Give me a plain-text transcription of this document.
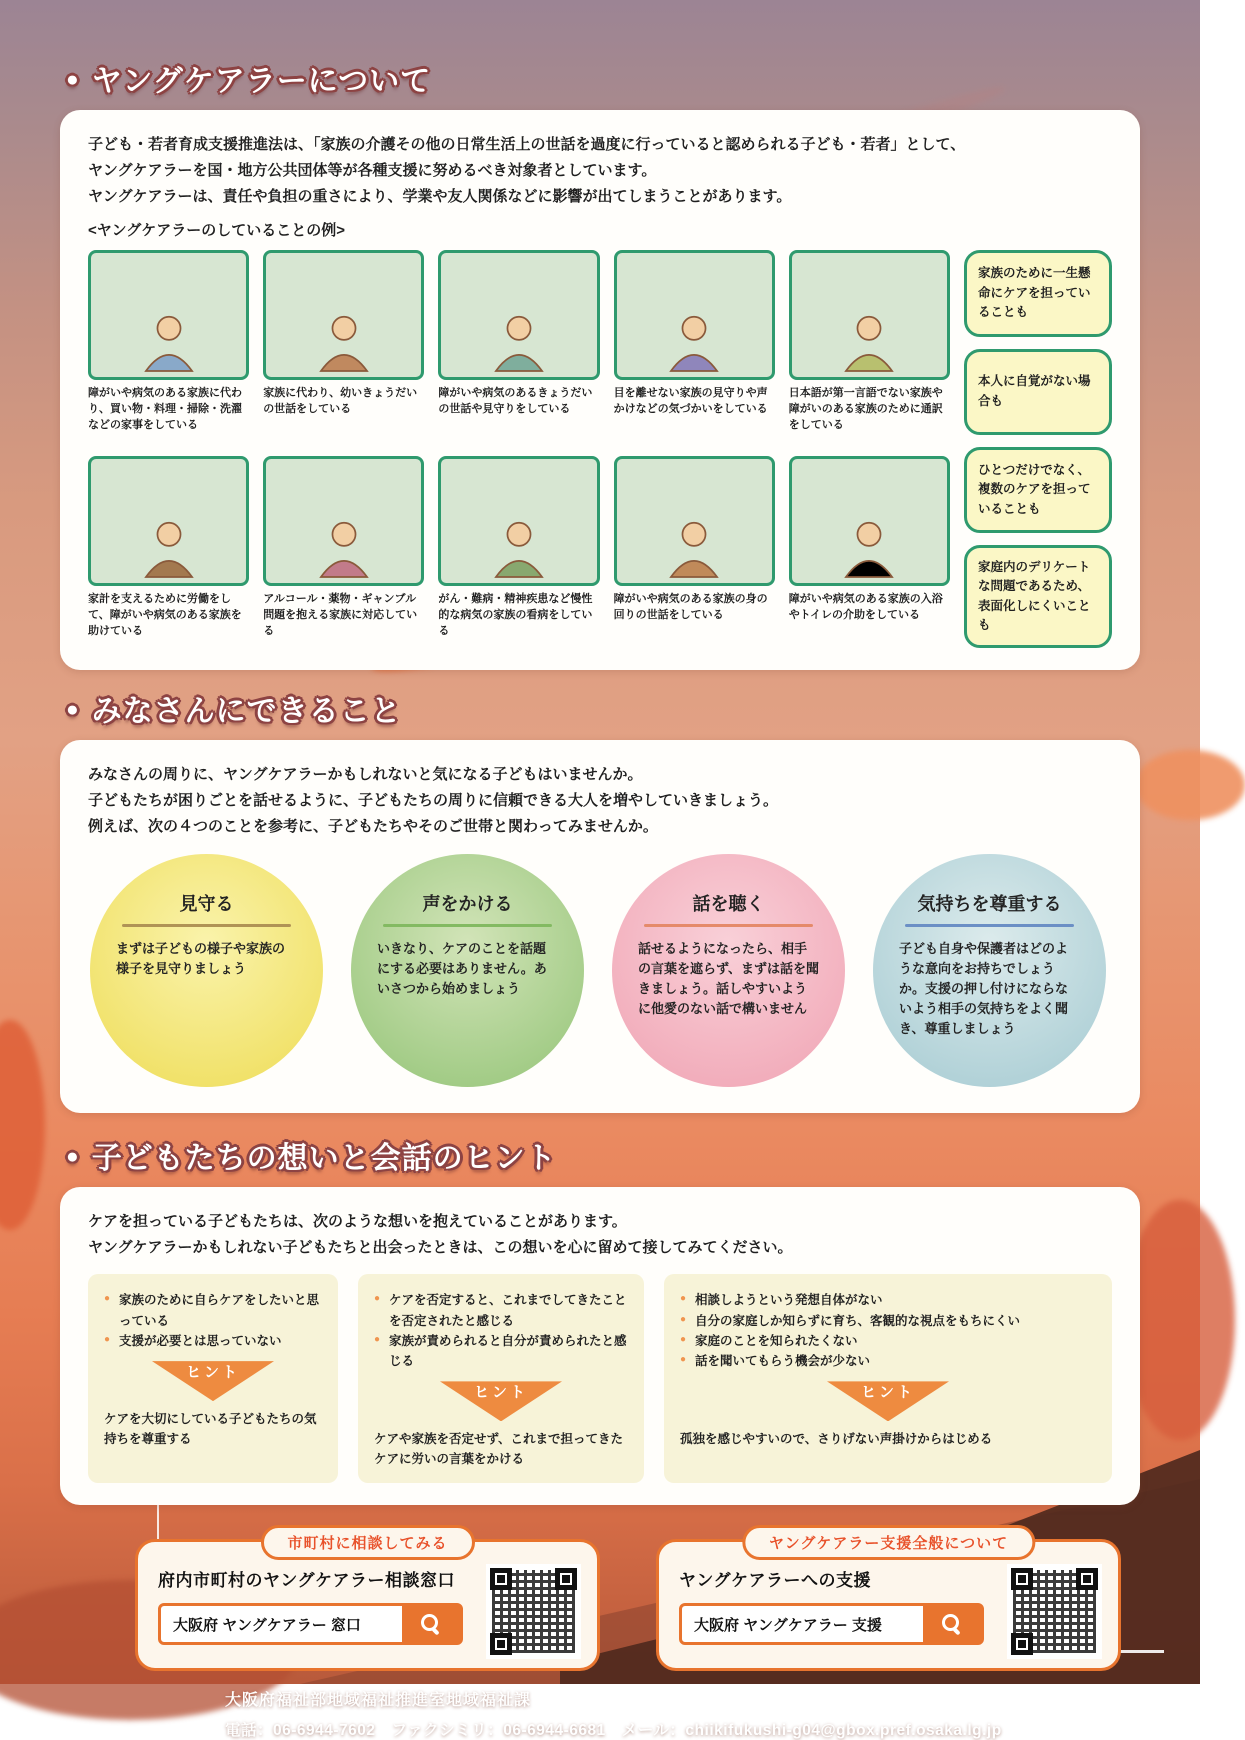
● ヤングケアラーについて
子ども・若者育成支援推進法は、「家族の介護その他の日常生活上の世話を過度に行っていると認められる子ども・若者」として、
ヤングケアラーを国・地方公共団体等が各種支援に努めるべき対象者としています。
ヤングケアラーは、責任や負担の重さにより、学業や友人関係などに影響が出てしまうことがあります。
<ヤングケアラーのしていることの例>
障がいや病気のある家族に代わり、買い物・料理・掃除・洗濯などの家事をしている
家族に代わり、幼いきょうだいの世話をしている
障がいや病気のあるきょうだいの世話や見守りをしている
目を離せない家族の見守りや声かけなどの気づかいをしている
日本語が第一言語でない家族や障がいのある家族のために通訳をしている
家族のために一生懸命にケアを担っていることも
本人に自覚がない場合も
ひとつだけでなく、複数のケアを担っていることも
家庭内のデリケートな問題であるため、表面化しにくいことも
家計を支えるために労働をして、障がいや病気のある家族を助けている
アルコール・薬物・ギャンブル問題を抱える家族に対応している
がん・難病・精神疾患など慢性的な病気の家族の看病をしている
障がいや病気のある家族の身の回りの世話をしている
障がいや病気のある家族の入浴やトイレの介助をしている
● みなさんにできること
みなさんの周りに、ヤングケアラーかもしれないと気になる子どもはいませんか。
子どもたちが困りごとを話せるように、子どもたちの周りに信頼できる大人を増やしていきましょう。
例えば、次の４つのことを参考に、子どもたちやそのご世帯と関わってみませんか。
見守る
まずは子どもの様子や家族の様子を見守りましょう
声をかける
いきなり、ケアのことを話題にする必要はありません。あいさつから始めましょう
話を聴く
話せるようになったら、相手の言葉を遮らず、まずは話を聞きましょう。話しやすいように他愛のない話で構いません
気持ちを尊重する
子ども自身や保護者はどのような意向をお持ちでしょうか。支援の押し付けにならないよう相手の気持ちをよく聞き、尊重しましょう
● 子どもたちの想いと会話のヒント
ケアを担っている子どもたちは、次のような想いを抱えていることがあります。
ヤングケアラーかもしれない子どもたちと出会ったときは、この想いを心に留めて接してみてください。
● 家族のために自らケアをしたいと思っている
● 支援が必要とは思っていない
ヒント
ケアを大切にしている子どもたちの気持ちを尊重する
● ケアを否定すると、これまでしてきたことを否定されたと感じる
● 家族が責められると自分が責められたと感じる
ヒント
ケアや家族を否定せず、これまで担ってきたケアに労いの言葉をかける
● 相談しようという発想自体がない
● 自分の家庭しか知らずに育ち、客観的な視点をもちにくい
● 家庭のことを知られたくない
● 話を聞いてもらう機会が少ない
ヒント
孤独を感じやすいので、さりげない声掛けからはじめる
市町村に相談してみる
府内市町村のヤングケアラー相談窓口
大阪府 ヤングケアラー 窓口
ヤングケアラー支援全般について
ヤングケアラーへの支援
大阪府 ヤングケアラー 支援
大阪府福祉部地域福祉推進室地域福祉課
電話：06-6944-7602　ファクシミリ：06-6944-6681　メール：chiikifukushi-g04@gbox.pref.osaka.lg.jp
